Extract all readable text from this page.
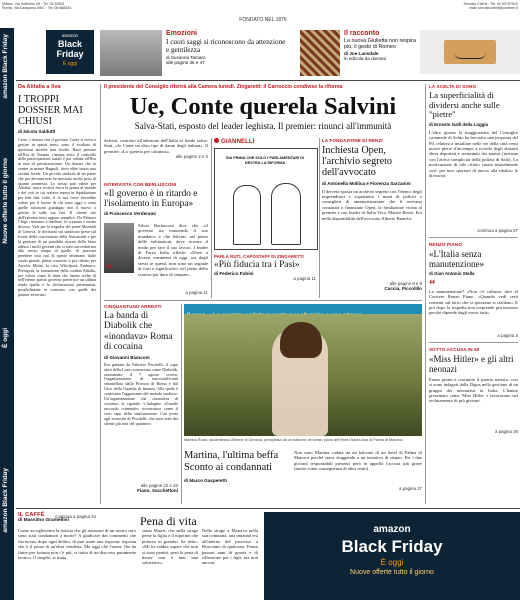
Milano, Via Solferino 28 · Tel. 02 62821
Roma, Via Campania 59/C · Tel. 06 688281
FONDATO NEL 1876
Servizio Clienti · Tel. 02 63797510
mail: servizioclienti@corriere.it
amazon Black Friday
Nuove offerte tutto il giorno
È oggi
amazon Black Friday
amazon
Black Friday
È oggi
Emozioni
I cuori saggi si riconoscono da attenzione e gentilezza
di Susanna Tamaro
alle pagine 46 e 47
Il racconto
La nuova Giulietta non respira più: il gesto di Romeo
di Joe Lansdale
in edicola da domani
Da Alitalia a Ilva
I TROPPI DOSSIER MAI CHIUSI
di Nicola Saldutti
Certo, i dossier che il governo Conte si trova a gestire in questi mesi, sono il risultato di questioni antiche non risolte. Basti pensare all'Ilva di Taranto, rimasta sotto il controllo delle partecipazioni statali e poi ceduta all'Ilva in fase di privatizzazione. Un dossier che fa venire in mente Bagnoli, dove ebbe inizio una società locale. Un piccolo simbolo di un paese che per decenni non ha mostrato molto peso di quanto promesso. Lo stesso può valere per Alitalia, unica società lirica la prima al mondo e dei voti in cui restava messa in liquidazione per ben due volte, il la sua forse dovrebbe valere per il lavoro di chi sono oggi ci sono quelle soluzioni guadagno non il nuovo a gestire le sulle sue fasi. Il cliente che dell'estremo tutto appare semplice. Da Palazzo Chigi, ritornano a mediare, lo scenario è molto diverso. Vale per la tragedia del ponte Morandi di Genova, le decisioni sul sindacato prese sul fronte della concessione della Autostrade e per la gestione di un possibile ritorno dello Stato adesso i molti governi che si sono succeduti ma allo stesso tempo di quelle. Si possono prendere tutti casi di queste settimane, dallo scudo penale, prima concesso e poi ritirato per Arcelor Mittal, la crisi Whirlpool, Embraco, Pernigotti, la formazione della cordata Alitalia, per volere come le linee che hanno scelto di nell'eterno questo governo preferisce un ultima tenda quella e le dichiarazioni permanenti, possibilmente in contrasto con quelle dei partner avversari.
continua a pagina 34
Il presidente del Consiglio riferirà alla Camera lunedì. Zingaretti: il Carroccio condivise la riforma
Ue, Conte querela Salvini
Salva-Stati, esposto del leader leghista. Il premier: rinunci all'immunità
Salvini, costretto all'adesione dell'Italia al fondo salva-Stati, «Io Conte un altro tipo di danni degli italiani». Il premier: «Lo querelo per calunnia».
alle pagine 2 e 3
INTERVISTA CON BERLUSCONI
«Il governo è in ritardo e l'isolamento in Europa»
di Francesco Verderami
“
Silvio Berlusconi dice che «il governo sta esaurendo il suo mandato» e che Salvini, nel pieno delle valutazioni, deve trovare il modo per fare il suo lavoro. I leader di Forza Italia riflette: «Dove a diversi commenti di oggi, ora dagli stessi se questi, non sono un segnale di forti e significativi: nel pieno dello scontro più duro di sempre».
a pagina 11
GIANNELLI
SIA PRIMA CHE SOLO I PARLAMENTARI DI DESTRA LA RIFORMA
PARLA RUTI, CAPOSTAFF DI ZINGARETTI
«Più fiducia tra i Pasi»
di Federico Fubini
a pagina 11
LA FONDAZIONE DI RENZI
Inchiesta Open, l'archivio segreto dell'avvocato
di Antonella Mollica e Fiorenza Sarzanini
Il decreto sposta un archivio segreto con l'elenco degli imprenditori e soprattutto i nomi di politici e consiglieri di amministrazione che li avevano contattati o finanziato Open, la fondazione vicina al premier e con leader di Italia Viva, Matteo Renzi. Era nella disponibilità dell'avvocato Alberto Bianchi.
alle pagine 8 e 9
Caccia, Piccolillo
CINQUANTUNO ARRESTI
La banda di Diabolik che «inondava» Roma di cocaina
di Giovanni Bianconi
Era guidata da Fabrizio Piscitelli, il capo ultrà della Lazio conosciuto come Diabolik, assassinato il 7 agosto scorso, l'organizzazione di narcotrafficanti smantellata dalla Procura di Roma e dal Gico della Guardia di finanza. Alla quale è contestata l'aggravante del metodo mafioso. Un'organizzazione che «inondava di cocaina» la capitale. L'indagine «Grande raccordo criminale» ricostruisce come il vero capo della strutturazione. Con porta agli assassini di Piscitelli, che sono stati dei clienti più noti del quartiere.
alle pagine 22 e 23
Fiano, Sacchettoni
Martina Rossi, studentessa 20enne di Genova, precipitata da un balcone del sesto piano dell'Hotel Santa Ana di Palma di Maiorca
Martina, l'ultima beffa Sconto ai condannati
di Marco Gasperetti
Non sono Martina caduta da un balcone di un hotel di Palma di Maiorca perché stava sfuggendo a un tentativo di stupro. Per i due giovani responsabili presenti però in appello l'accusa più grave (morte come conseguenza di altro reato).
a pagina 27
LA SCELTA DI SOHO
La superficialità di dividersi anche sulle "pietre"
di Ernesto Galli della Loggia
L'altro giorno la maggioranza del Consiglio comunale di Schio ha bocciato una proposta del Pd, relativa a installare nelle vie della città venti nuove pietre d'inciampo a ricordo degli abitanti ebrei deportati e sterminati dai nazisti (insieme con l'attiva complicità della polizia di Salò). La motivazione di tale rifiuto suona testualmente così: per non «portare di nuovo alla ribalta» le divisioni.
continua a pagina 27
RENZO PIANO
«L'Italia senza manutenzione»
di Gian Antonio Stella
“
La manutenzione? «Non c'è cultura» dice al Corriere Renzo Piano. «Quando vedi certi cementi sul ferro che si spezzano si sfaldano. E poi dopo la tragedia non sorprende più nessuno perché dipende dagli errori fatti».
a pagina 3
SOTTO ACCUSA IN 50
«Miss Hitler» e gli altri neonazi
Erano pronti a costituire il partito nazista: cosi ci sono indagati dalla Digos nella gestione di un gruppo dei neonazisti in Italia. L'hanno presentato come 'Miss Hitler' e lavoravano nel reclutamento di più giovani.
a pagina 26
IL CAFFÈ
di Massimo Gramellini	Pena di vita
Come accoglieremo la notizia che gli assassini di un nostro caro sono stati condannati a morte? A giudicare dai commenti che fioriscono dopo ogni delitto, di può usare una risposta: risposta che è il passo di un'altra vendetta. Ma oggi che l'uomo l'ha da finire per fortuna non c'è più, si tratta di un discorso puramente teorico. O meglio, si tratta.
ciano Muzzi, che nella strage perse la figlia e il nipotino che portava in grembo, ha detto: «Mi ha rabbia sapere che non si sono pentiti, però la pena di morte non è mai una soluzione».
Nella strage a Maiorca nella sua comunità, una umanità era all'interno del processo a Bracciano di qualcuno. Erano passati anni di grazia e di riflessione per i figli, ma non ancora.
amazon
Black Friday
È oggi
Nuove offerte tutto il giorno
